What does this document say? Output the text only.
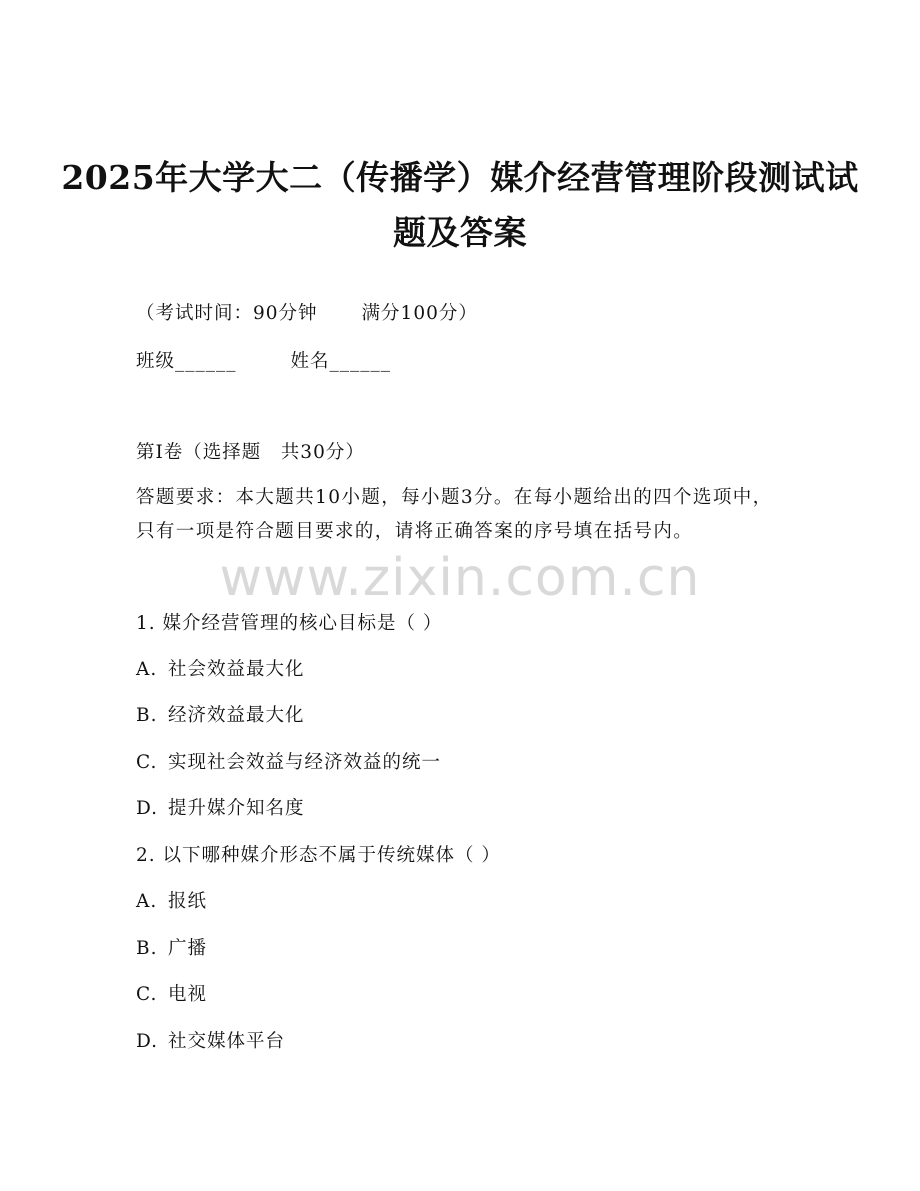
2025年大学大二（传播学）媒介经营管理阶段测试试题及答案
（考试时间：90分钟 满分100分）
班级______	姓名______
第I卷（选择题　共30分）
答题要求：本大题共10小题，每小题3分。在每小题给出的四个选项中，只有一项是符合题目要求的，请将正确答案的序号填在括号内。
www.zixin.com.cn
1. 媒介经营管理的核心目标是（ ）
A. 社会效益最大化
B. 经济效益最大化
C. 实现社会效益与经济效益的统一
D. 提升媒介知名度
2. 以下哪种媒介形态不属于传统媒体（ ）
A. 报纸
B. 广播
C. 电视
D. 社交媒体平台
